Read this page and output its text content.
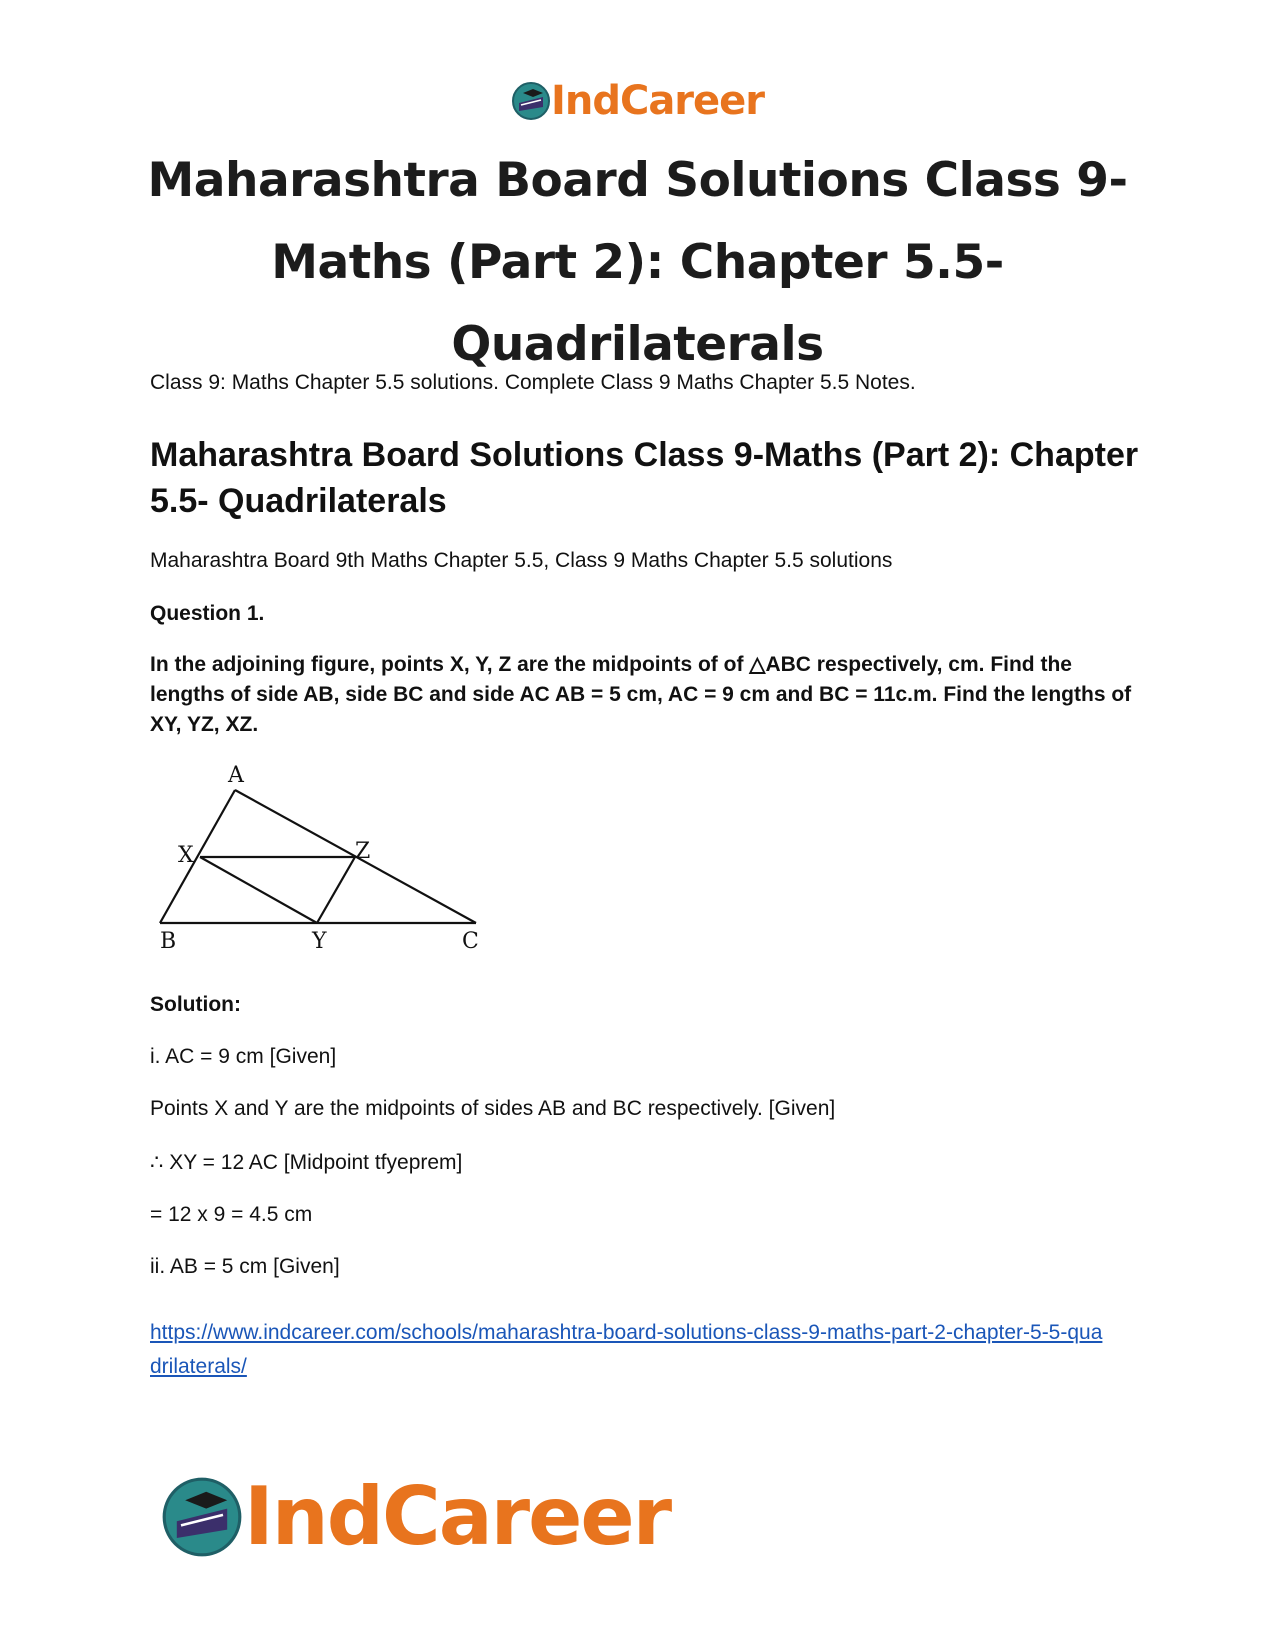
IndCareer
Maharashtra Board Solutions Class 9-Maths (Part 2): Chapter 5.5- Quadrilaterals
Class 9: Maths Chapter 5.5 solutions. Complete Class 9 Maths Chapter 5.5 Notes.
Maharashtra Board Solutions Class 9-Maths (Part 2): Chapter 5.5- Quadrilaterals
Maharashtra Board 9th Maths Chapter 5.5, Class 9 Maths Chapter 5.5 solutions
Question 1.
In the adjoining figure, points X, Y, Z are the midpoints of of △ABC respectively, cm. Find the lengths of side AB, side BC and side AC AB = 5 cm, AC = 9 cm and BC = 11c.m. Find the lengths of XY, YZ, XZ.
A
X	Z
B	Y	C
Solution:
i. AC = 9 cm [Given]
Points X and Y are the midpoints of sides AB and BC respectively. [Given]
∴ XY = 12 AC [Midpoint tfyeprem]
= 12 x 9 = 4.5 cm
ii. AB = 5 cm [Given]
https://www.indcareer.com/schools/maharashtra-board-solutions-class-9-maths-part-2-chapter-5-5-quadrilaterals/
IndCareer
